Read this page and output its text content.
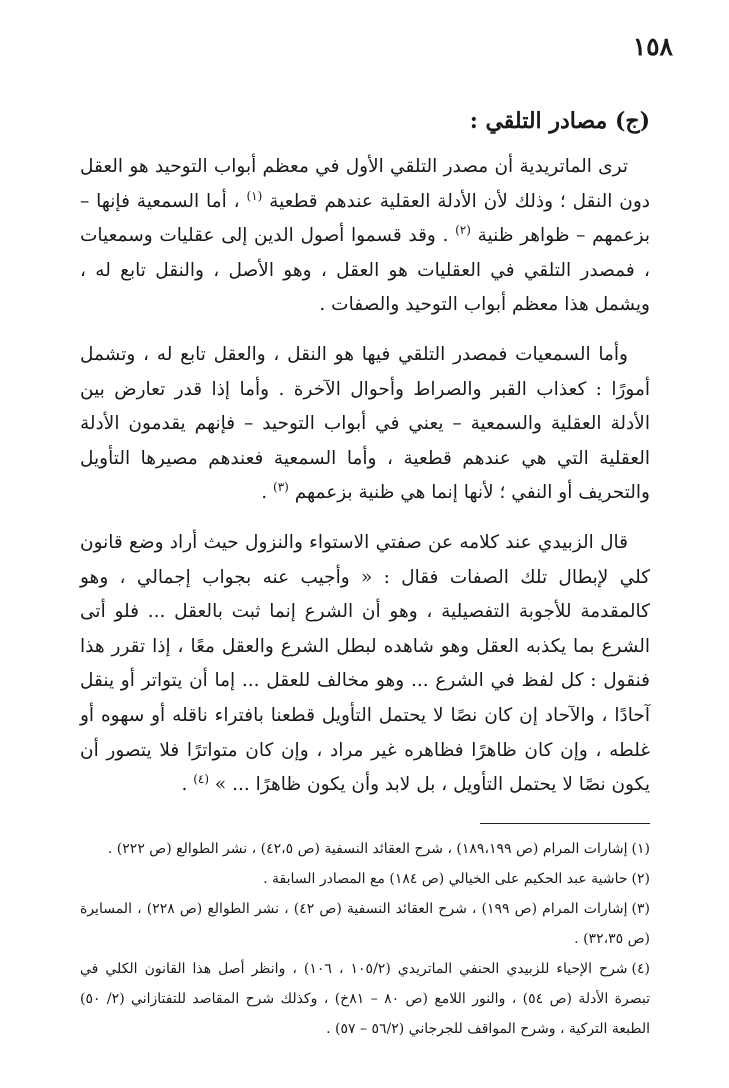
١٥٨
(ج) مصادر التلقي :

ترى الماتريدية أن مصدر التلقي الأول في معظم أبواب التوحيد هو العقل دون النقل ؛ وذلك لأن الأدلة العقلية عندهم قطعية $^{(١)}$ ، أما السمعية فإنها – بزعمهم – ظواهر ظنية $^{(٢)}$ . وقد قسموا أصول الدين إلى عقليات وسمعيات ، فمصدر التلقي في العقليات هو العقل ، وهو الأصل ، والنقل تابع له ، ويشمل هذا معظم أبواب التوحيد والصفات .

وأما السمعيات فمصدر التلقي فيها هو النقل ، والعقل تابع له ، وتشمل أمورًا : كعذاب القبر والصراط وأحوال الآخرة . وأما إذا قدر تعارض بين الأدلة العقلية والسمعية – يعني في أبواب التوحيد – فإنهم يقدمون الأدلة العقلية التي هي عندهم قطعية ، وأما السمعية فعندهم مصيرها التأويل والتحريف أو النفي ؛ لأنها إنما هي ظنية بزعمهم $^{(٣)}$ .

قال الزبيدي عند كلامه عن صفتي الاستواء والنزول حيث أراد وضع قانون كلي لإبطال تلك الصفات فقال : « وأجيب عنه بجواب إجمالي ، وهو كالمقدمة للأجوبة التفصيلية ، وهو أن الشرع إنما ثبت بالعقل ... فلو أتى الشرع بما يكذبه العقل وهو شاهده لبطل الشرع والعقل معًا ، إذا تقرر هذا فنقول : كل لفظ في الشرع ... وهو مخالف للعقل ... إما أن يتواتر أو ينقل آحادًا ، والآحاد إن كان نصًا لا يحتمل التأويل قطعنا بافتراء ناقله أو سهوه أو غلطه ، وإن كان ظاهرًا فظاهره غير مراد ، وإن كان متواترًا فلا يتصور أن يكون نصًا لا يحتمل التأويل ، بل لابد وأن يكون ظاهرًا ... » $^{(٤)}$ .

(١)إشارات المرام (ص ١٨٩،١٩٩) ، شرح العقائد النسفية (ص ٤٢،٥) ، نشر الطوالع (ص ٢٢٢) .

(٢)حاشية عبد الحكيم على الخيالي (ص ١٨٤) مع المصادر السابقة .

(٣)إشارات المرام (ص ١٩٩) ، شرح العقائد النسفية (ص ٤٢) ، نشر الطوالع (ص ٢٢٨) ، المسايرة (ص ٣٢،٣٥) .

(٤)شرح الإحياء للزبيدي الحنفي الماتريدي (١٠٥/٢ ، ١٠٦) ، وانظر أصل هذا القانون الكلي في تبصرة الأدلة (ص ٥٤) ، والنور اللامع (ص ٨٠ – ٨١خ) ، وكذلك شرح المقاصد للتفتازاني (٢/ ٥٠) الطبعة التركية ، وشرح المواقف للجرجاني (٥٦/٢ – ٥٧) .
